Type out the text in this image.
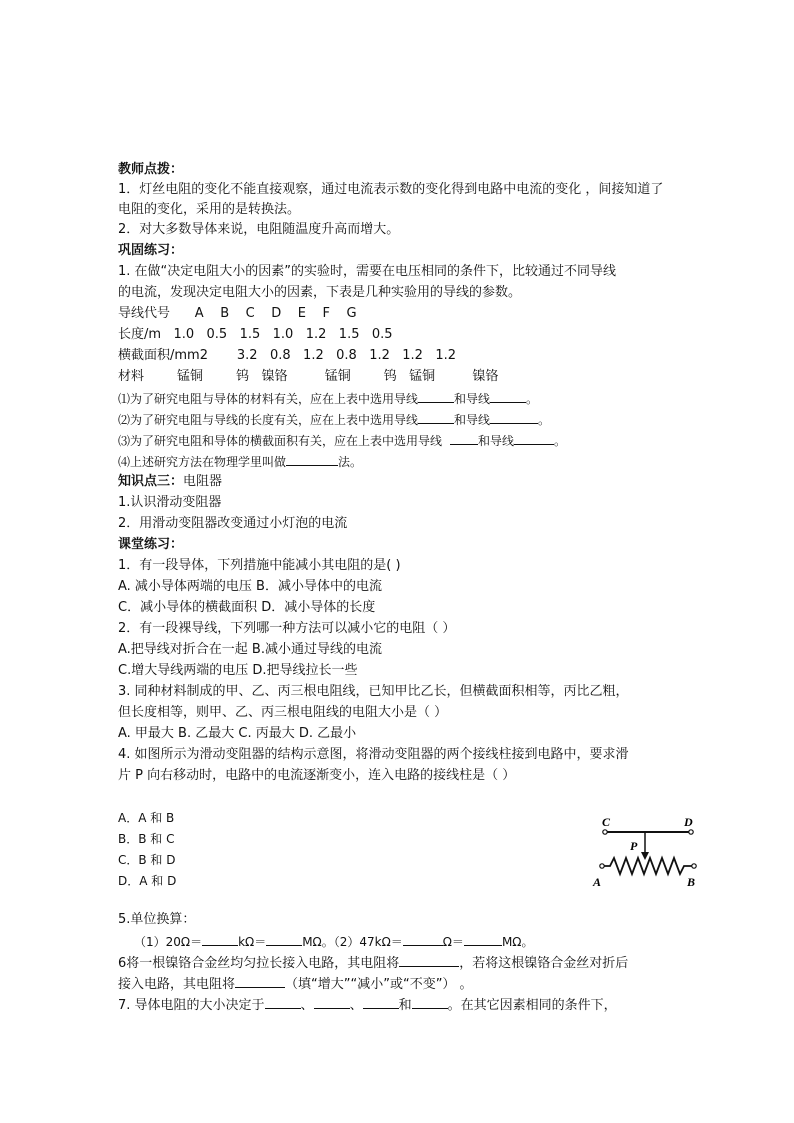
教师点拨：
1．灯丝电阻的变化不能直接观察，通过电流表示数的变化得到电路中电流的变化 ，间接知道了
电阻的变化，采用的是转换法。
2．对大多数导体来说，电阻随温度升高而增大。
巩固练习：
1. 在做“决定电阻大小的因素”的实验时，需要在电压相同的条件下，比较通过不同导线
的电流，发现决定电阻大小的因素，下表是几种实验用的导线的参数。
导线代号      A    B    C    D    E    F    G
长度/m   1.0   0.5   1.5   1.0   1.2   1.5   0.5
横截面积/mm2       3.2   0.8   1.2   0.8   1.2   1.2   1.2
材料        锰铜        钨   镍铬         锰铜        钨   锰铜         镍铬
⑴为了研究电阻与导体的材料有关，应在上表中选用导线	和导线	。
⑵为了研究电阻与导线的长度有关，应在上表中选用导线	和导线	。
⑶为了研究电阻和导体的横截面积有关，应在上表中选用导线	和导线	。
⑷上述研究方法在物理学里叫做	法。
知识点三：电阻器
1.认识滑动变阻器
2．用滑动变阻器改变通过小灯泡的电流
课堂练习：
1．有一段导体，下列措施中能减小其电阻的是( )
A. 减小导体两端的电压 B．减小导体中的电流
C．减小导体的横截面积 D．减小导体的长度
2．有一段裸导线，下列哪一种方法可以减小它的电阻（ ）
A.把导线对折合在一起 B.减小通过导线的电流
C.增大导线两端的电压 D.把导线拉长一些
3. 同种材料制成的甲、乙、丙三根电阻线，已知甲比乙长，但横截面积相等，丙比乙粗，
但长度相等，则甲、乙、丙三根电阻线的电阻大小是（ ）
A. 甲最大 B. 乙最大 C. 丙最大 D. 乙最小
4. 如图所示为滑动变阻器的结构示意图，将滑动变阻器的两个接线柱接到电路中，要求滑
片 P 向右移动时，电路中的电流逐渐变小，连入电路的接线柱是（ ）
A．A 和 B
B．B 和 C
C．B 和 D
D．A 和 D
C	D
P
A	B
5.单位换算：
（1）20Ω＝	kΩ＝	MΩ。（2）47kΩ＝	Ω＝	MΩ。
6将一根镍铬合金丝均匀拉长接入电路，其电阻将	，若将这根镍铬合金丝对折后
接入电路，其电阻将	（填“增大”“减小”或“不变”） 。
7. 导体电阻的大小决定于	、	、	和	。在其它因素相同的条件下，
